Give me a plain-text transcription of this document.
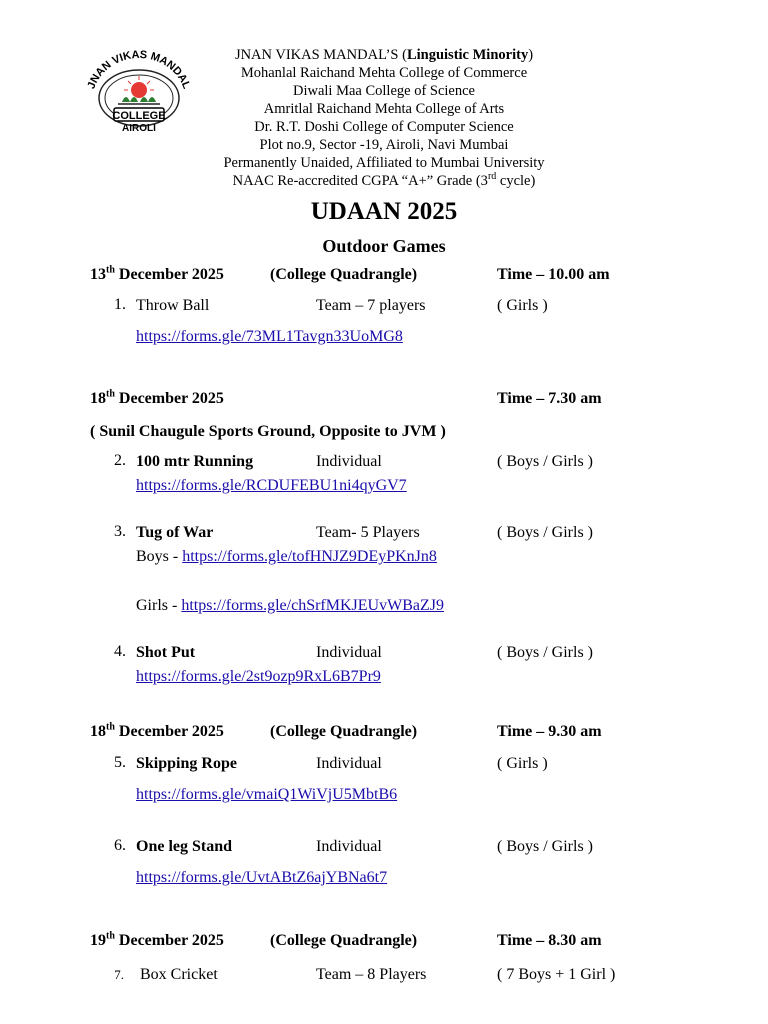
JNAN VIKAS MANDAL
COLLEGE
AIROLI
JNAN VIKAS MANDAL’S (Linguistic Minority)
Mohanlal Raichand Mehta College of Commerce
Diwali Maa College of Science
Amritlal Raichand Mehta College of Arts
Dr. R.T. Doshi College of Computer Science
Plot no.9, Sector -19, Airoli, Navi Mumbai
Permanently Unaided, Affiliated to Mumbai University
NAAC Re-accredited CGPA “A+” Grade (3rd cycle)
UDAAN 2025
Outdoor Games
13th December 2025	(College Quadrangle)	Time – 10.00 am
1. Throw Ball	Team – 7 players	( Girls )
https://forms.gle/73ML1Tavgn33UoMG8
18th December 2025	Time – 7.30 am
( Sunil Chaugule Sports Ground, Opposite to JVM )
2. 100 mtr Running	Individual	( Boys / Girls )
https://forms.gle/RCDUFEBU1ni4qyGV7
3. Tug of War	Team- 5 Players	( Boys / Girls )
Boys - https://forms.gle/tofHNJZ9DEyPKnJn8
Girls - https://forms.gle/chSrfMKJEUvWBaZJ9
4. Shot Put	Individual	( Boys / Girls )
https://forms.gle/2st9ozp9RxL6B7Pr9
18th December 2025	(College Quadrangle)	Time – 9.30 am
5. Skipping Rope	Individual	( Girls )
https://forms.gle/vmaiQ1WiVjU5MbtB6
6. One leg Stand	Individual	( Boys / Girls )
https://forms.gle/UvtABtZ6ajYBNa6t7
19th December 2025	(College Quadrangle)	Time – 8.30 am
7. Box Cricket	Team – 8 Players	( 7 Boys + 1 Girl )
